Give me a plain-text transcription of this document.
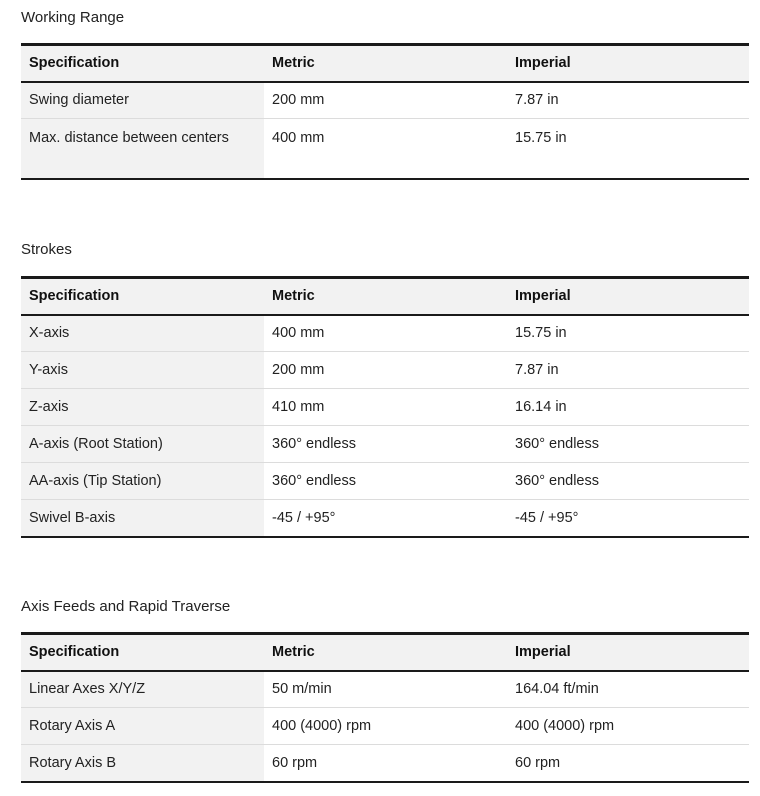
Working Range
Specification	Metric	Imperial
Swing diameter	200 mm	7.87 in
Max. distance between centers	400 mm	15.75 in
Strokes
Specification	Metric	Imperial
X-axis	400 mm	15.75 in
Y-axis	200 mm	7.87 in
Z-axis	410 mm	16.14 in
A-axis (Root Station)	360° endless	360° endless
AA-axis (Tip Station)	360° endless	360° endless
Swivel B-axis	-45 / +95°	-45 / +95°
Axis Feeds and Rapid Traverse
Specification	Metric	Imperial
Linear Axes X/Y/Z	50 m/min	164.04 ft/min
Rotary Axis A	400 (4000) rpm	400 (4000) rpm
Rotary Axis B	60 rpm	60 rpm
